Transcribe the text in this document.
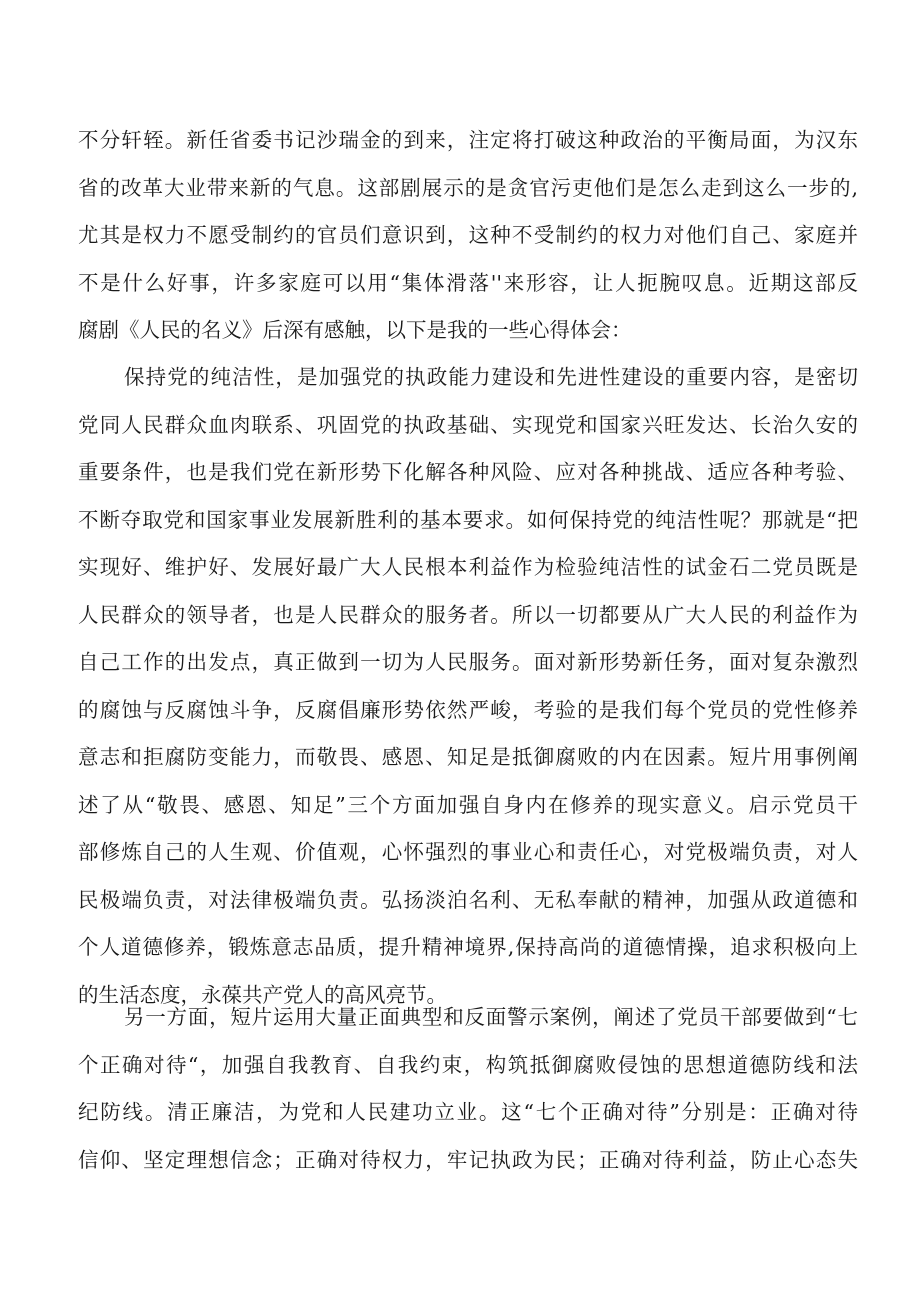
不分轩轾。新任省委书记沙瑞金的到来，注定将打破这种政治的平衡局面，为汉东
省的改革大业带来新的气息。这部剧展示的是贪官污吏他们是怎么走到这么一步的,
尤其是权力不愿受制约的官员们意识到，这种不受制约的权力对他们自己、家庭并
不是什么好事，许多家庭可以用“集体滑落''来形容，让人扼腕叹息。近期这部反
腐剧《人民的名义》后深有感触，以下是我的一些心得体会：
保持党的纯洁性，是加强党的执政能力建设和先进性建设的重要内容，是密切
党同人民群众血肉联系、巩固党的执政基础、实现党和国家兴旺发达、长治久安的
重要条件，也是我们党在新形势下化解各种风险、应对各种挑战、适应各种考验、
不断夺取党和国家事业发展新胜利的基本要求。如何保持党的纯洁性呢？那就是“把
实现好、维护好、发展好最广大人民根本利益作为检验纯洁性的试金石二党员既是
人民群众的领导者，也是人民群众的服务者。所以一切都要从广大人民的利益作为
自己工作的出发点，真正做到一切为人民服务。面对新形势新任务，面对复杂激烈
的腐蚀与反腐蚀斗争，反腐倡廉形势依然严峻，考验的是我们每个党员的党性修养
意志和拒腐防变能力，而敬畏、感恩、知足是抵御腐败的内在因素。短片用事例阐
述了从“敬畏、感恩、知足”三个方面加强自身内在修养的现实意义。启示党员干
部修炼自己的人生观、价值观，心怀强烈的事业心和责任心，对党极端负责，对人
民极端负责，对法律极端负责。弘扬淡泊名利、无私奉献的精神，加强从政道德和
个人道德修养，锻炼意志品质，提升精神境界,保持高尚的道德情操，追求积极向上
的生活态度，永葆共产党人的高风亮节。
另一方面，短片运用大量正面典型和反面警示案例，阐述了党员干部要做到“七
个正确对待“，加强自我教育、自我约束，构筑抵御腐败侵蚀的思想道德防线和法
纪防线。清正廉洁，为党和人民建功立业。这“七个正确对待”分别是：正确对待
信仰、坚定理想信念；正确对待权力，牢记执政为民；正确对待利益，防止心态失
